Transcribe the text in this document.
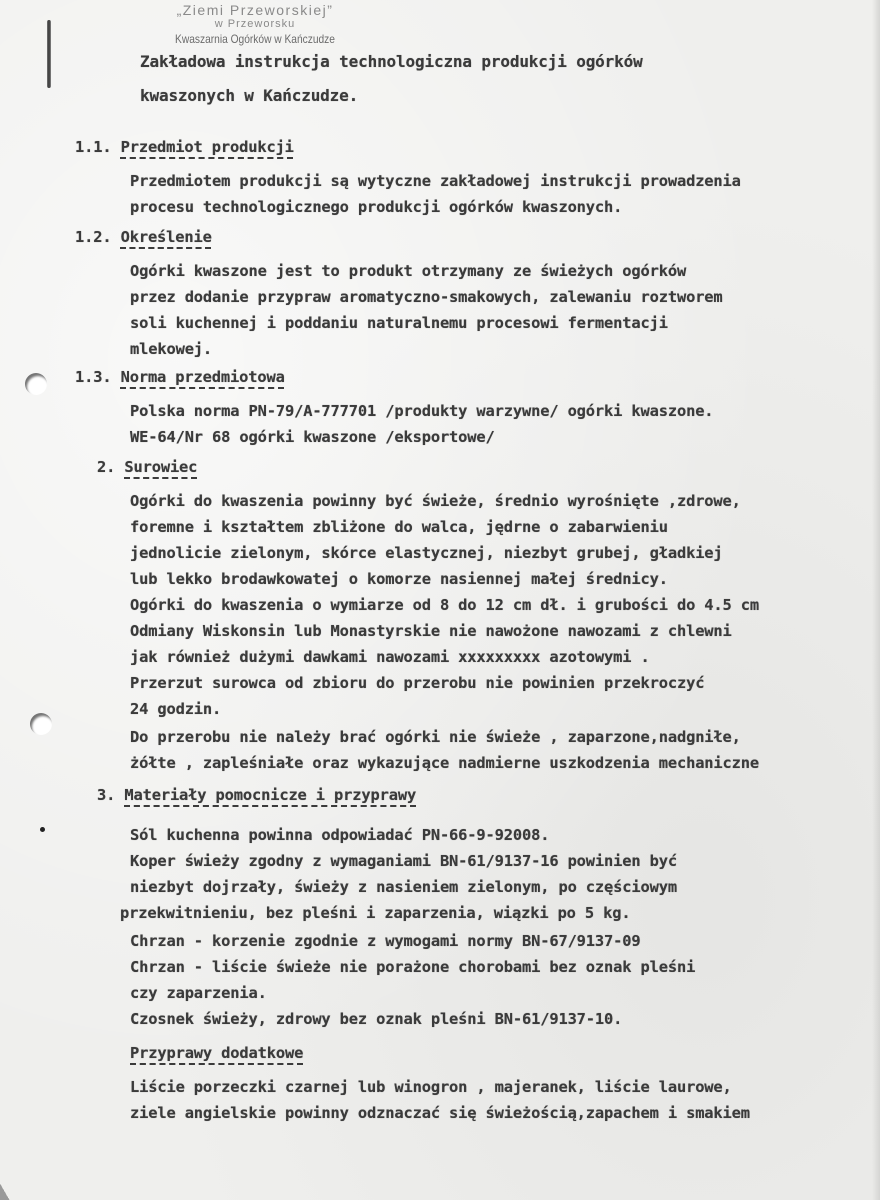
„Ziemi Przeworskiej”
w Przeworsku
Kwaszarnia Ogórków w Kańczudze
Zakładowa instrukcja technologiczna produkcji ogórków
kwaszonych w Kańczudze.
1.1. Przedmiot produkcji
Przedmiotem produkcji są wytyczne zakładowej instrukcji prowadzenia
procesu technologicznego produkcji ogórków kwaszonych.
1.2. Określenie
Ogórki kwaszone jest to produkt otrzymany ze świeżych ogórków
przez dodanie przypraw aromatyczno-smakowych, zalewaniu roztworem
soli kuchennej i poddaniu naturalnemu procesowi fermentacji
mlekowej.
1.3. Norma przedmiotowa
Polska norma PN-79/A-777701 /produkty warzywne/ ogórki kwaszone.
WE-64/Nr 68 ogórki kwaszone /eksportowe/
2. Surowiec
Ogórki do kwaszenia powinny być świeże, średnio wyrośnięte ,zdrowe,
foremne i kształtem zbliżone do walca, jędrne o zabarwieniu
jednolicie zielonym, skórce elastycznej, niezbyt grubej, gładkiej
lub lekko brodawkowatej o komorze nasiennej małej średnicy.
Ogórki do kwaszenia o wymiarze od 8 do 12 cm dł. i grubości do 4.5 cm
Odmiany Wiskonsin lub Monastyrskie nie nawożone nawozami z chlewni
jak również dużymi dawkami nawozami xxxxxxxxx azotowymi .
Przerzut surowca od zbioru do przerobu nie powinien przekroczyć
24 godzin.
Do przerobu nie należy brać ogórki nie świeże , zaparzone,nadgniłe,
żółte , zapleśniałe oraz wykazujące nadmierne uszkodzenia mechaniczne
3. Materiały pomocnicze i przyprawy
Sól kuchenna powinna odpowiadać PN-66-9-92008.
Koper świeży zgodny z wymaganiami BN-61/9137-16 powinien być
niezbyt dojrzały, świeży z nasieniem zielonym, po częściowym
przekwitnieniu, bez pleśni i zaparzenia, wiązki po 5 kg.
Chrzan - korzenie zgodnie z wymogami normy BN-67/9137-09
Chrzan - liście świeże nie porażone chorobami bez oznak pleśni
czy zaparzenia.
Czosnek świeży, zdrowy bez oznak pleśni BN-61/9137-10.
Przyprawy dodatkowe
Liście porzeczki czarnej lub winogron , majeranek, liście laurowe,
ziele angielskie powinny odznaczać się świeżością,zapachem i smakiem
